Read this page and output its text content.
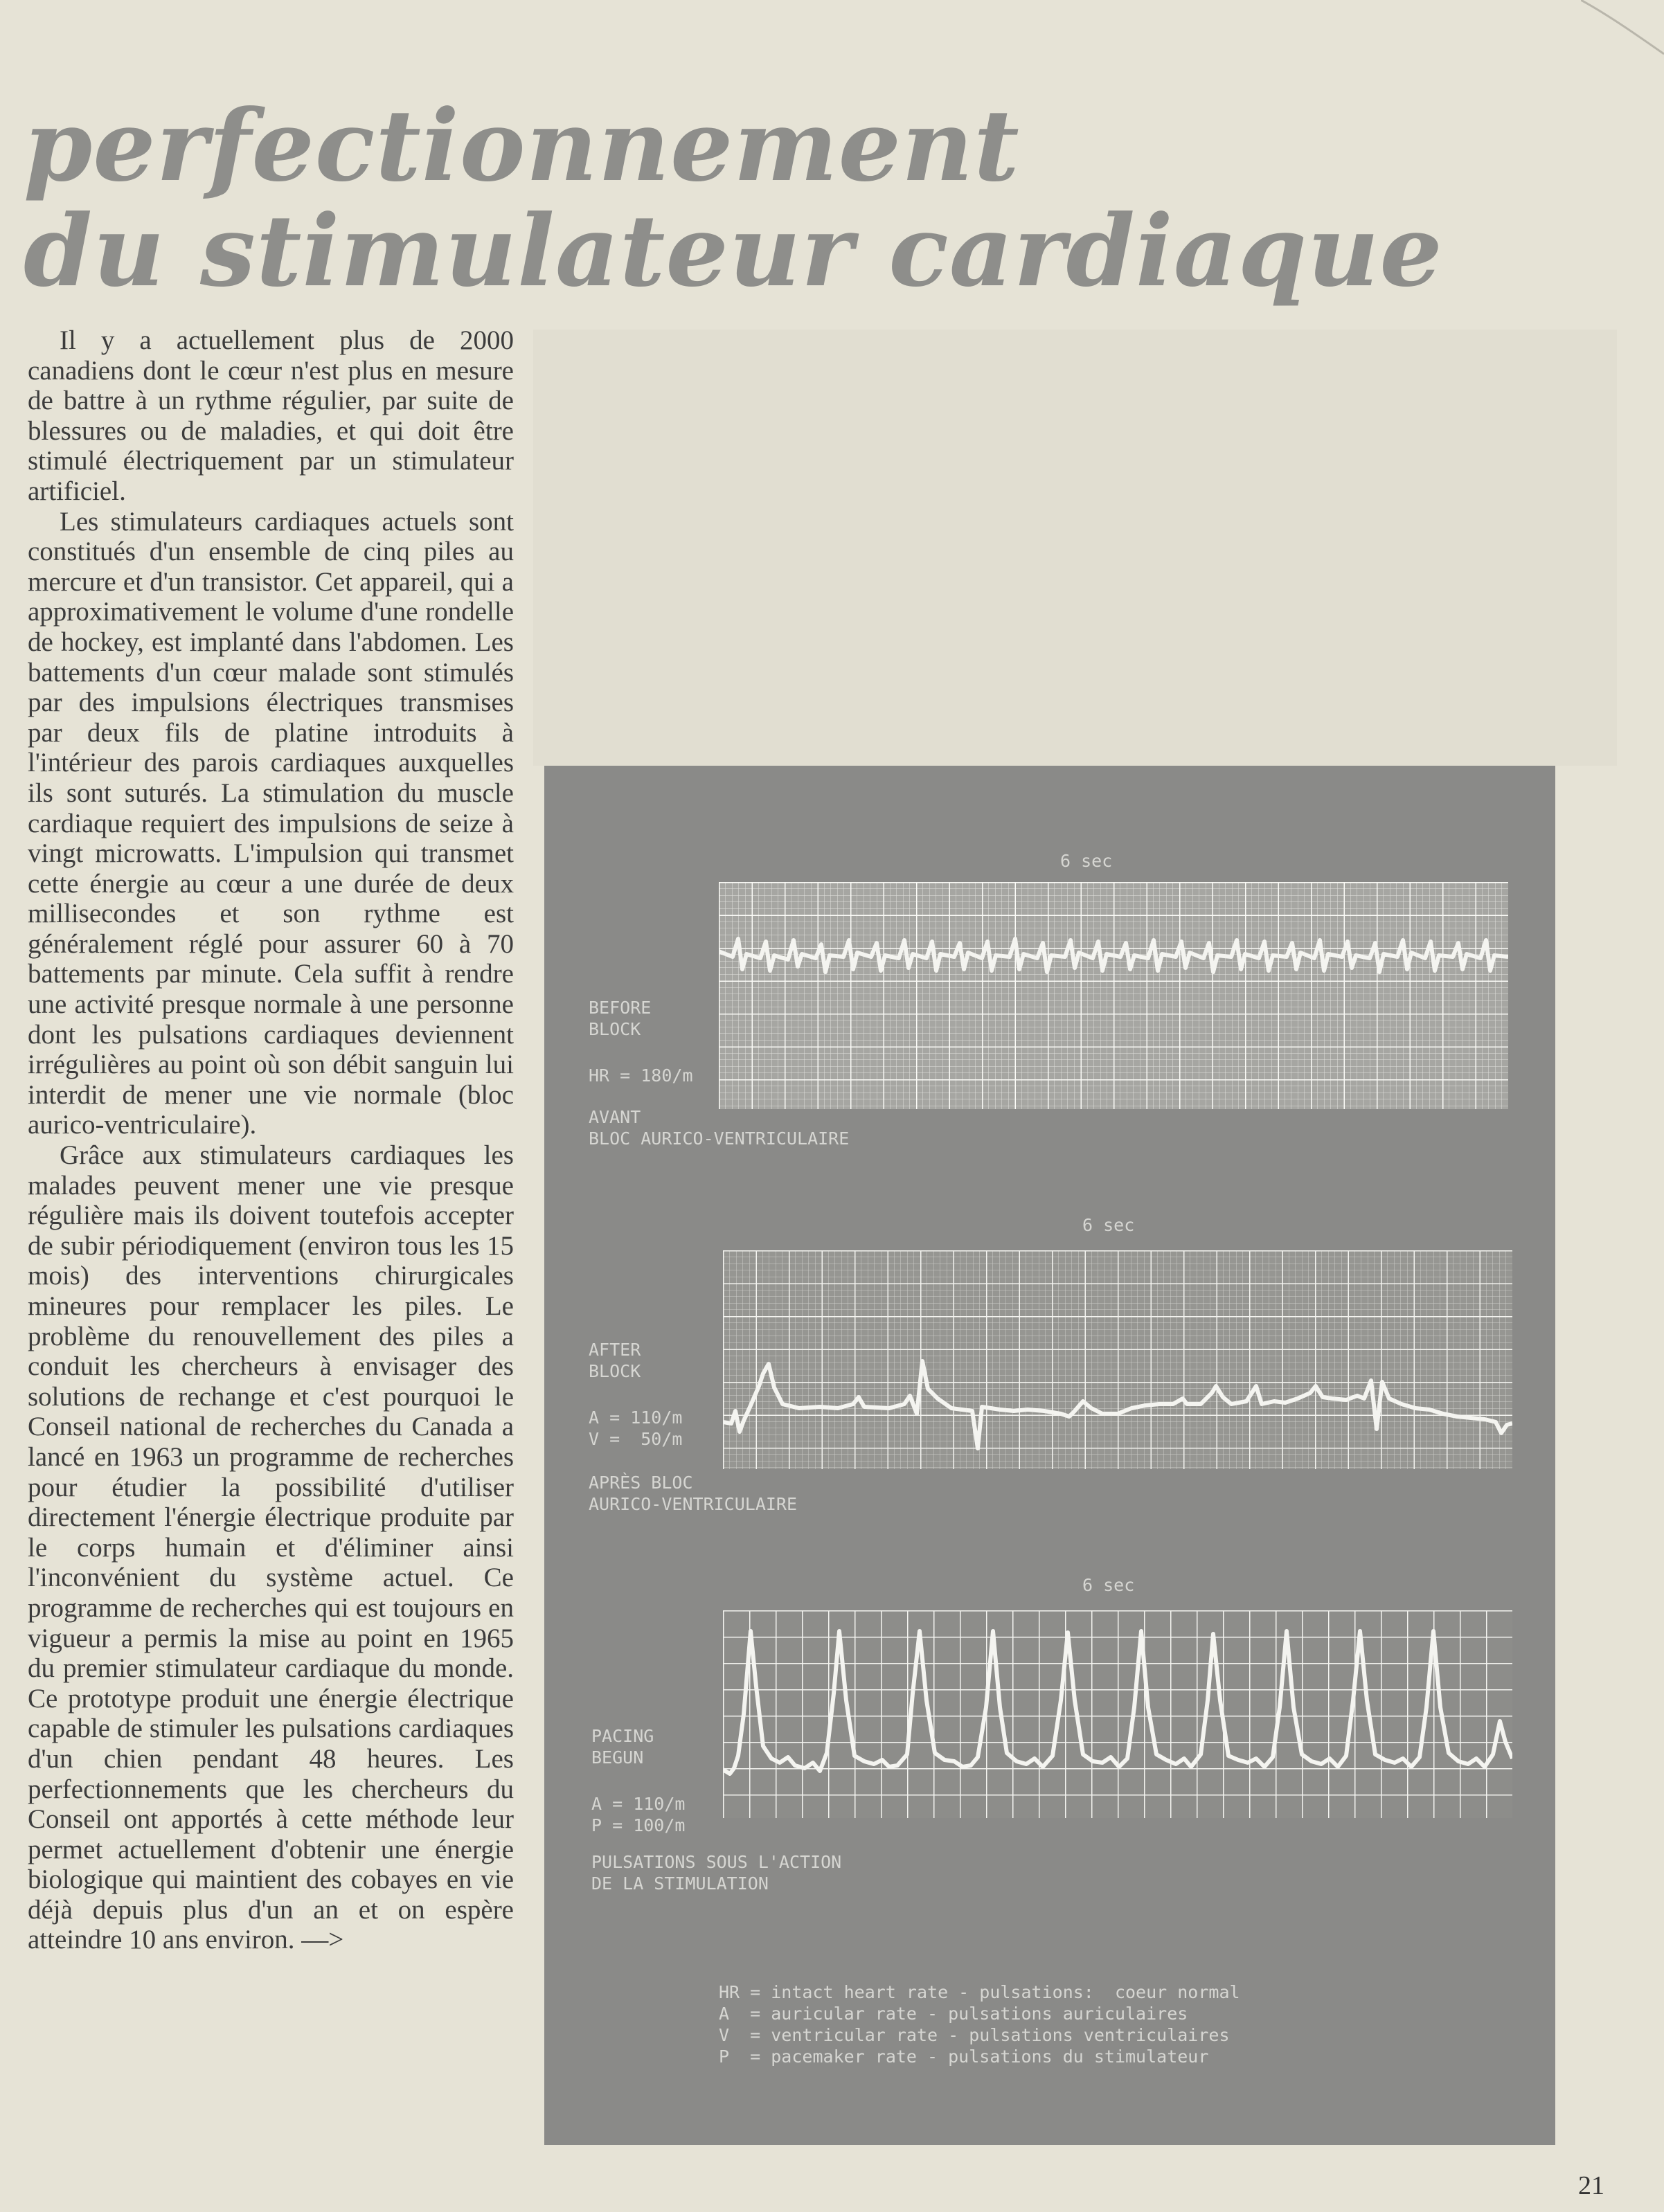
perfectionnement
du stimulateur cardiaque

Il y a actuellement plus de 2000 canadiens dont le cœur n'est plus en mesure de battre à un rythme régulier, par suite de blessures ou de maladies, et qui doit être stimulé électriquement par un stimulateur artificiel.

Les stimulateurs cardiaques actuels sont constitués d'un ensemble de cinq piles au mercure et d'un transistor. Cet appareil, qui a approximativement le volume d'une rondelle de hockey, est implanté dans l'abdomen. Les battements d'un cœur malade sont stimulés par des impulsions électriques transmises par deux fils de platine introduits à l'intérieur des parois cardiaques auxquelles ils sont suturés. La stimulation du muscle cardiaque requiert des impulsions de seize à vingt microwatts. L'impulsion qui transmet cette énergie au cœur a une durée de deux millisecondes et son rythme est généralement réglé pour assurer 60 à 70 battements par minute. Cela suffit à rendre une activité presque normale à une personne dont les pulsations cardiaques deviennent irrégulières au point où son débit sanguin lui interdit de mener une vie normale (bloc aurico-ventriculaire).

Grâce aux stimulateurs cardiaques les malades peuvent mener une vie presque régulière mais ils doivent toutefois accepter de subir périodiquement (environ tous les 15 mois) des interventions chirurgicales mineures pour remplacer les piles. Le problème du renouvellement des piles a conduit les chercheurs à envisager des solutions de rechange et c'est pourquoi le Conseil national de recherches du Canada a lancé en 1963 un programme de recherches pour étudier la possibilité d'utiliser directement l'énergie électrique produite par le corps humain et d'éliminer ainsi l'inconvénient du système actuel. Ce programme de recherches qui est toujours en vigueur a permis la mise au point en 1965 du premier stimulateur cardiaque du monde. Ce prototype produit une énergie électrique capable de stimuler les pulsations cardiaques d'un chien pendant 48 heures. Les perfectionnements que les chercheurs du Conseil ont apportés à cette méthode leur permet actuellement d'obtenir une énergie biologique qui maintient des cobayes en vie déjà depuis plus d'un an et on espère atteindre 10 ans environ. —>

6 sec
BEFORE
BLOCK
HR = 180/m
AVANT
BLOC AURICO-VENTRICULAIRE
6 sec
AFTER
BLOCK
A = 110/m
V =  50/m
APRÈS BLOC
AURICO-VENTRICULAIRE
6 sec
PACING
BEGUN
A = 110/m
P = 100/m
PULSATIONS SOUS L'ACTION
DE LA STIMULATION
HR = intact heart rate - pulsations:  coeur normal
A  = auricular rate - pulsations auriculaires
V  = ventricular rate - pulsations ventriculaires
P  = pacemaker rate - pulsations du stimulateur
21
